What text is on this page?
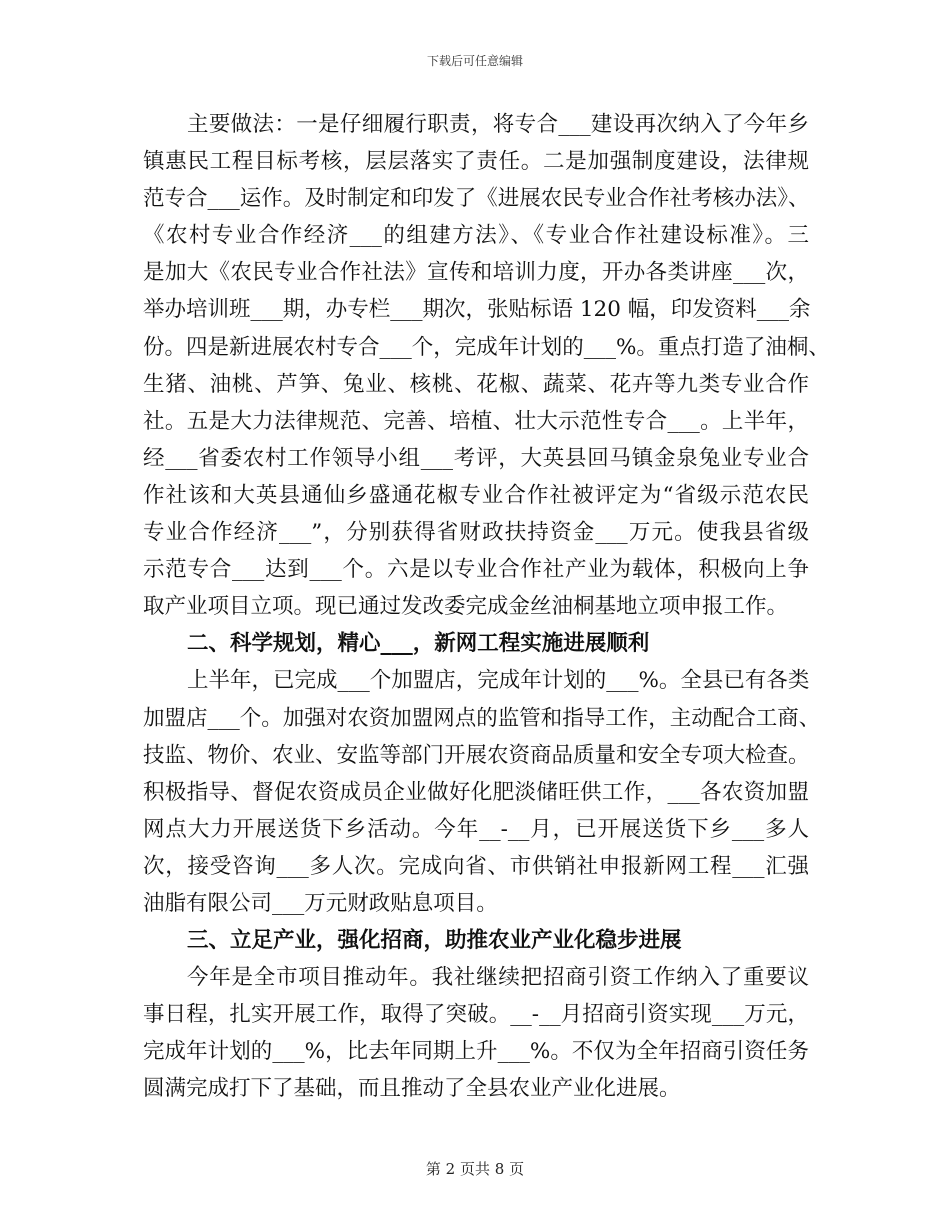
下载后可任意编辑
主要做法：一是仔细履行职责，将专合___建设再次纳入了今年乡
镇惠民工程目标考核，层层落实了责任。二是加强制度建设，法律规
范专合___运作。及时制定和印发了《进展农民专业合作社考核办法》、
《农村专业合作经济___的组建方法》、《专业合作社建设标准》。三
是加大《农民专业合作社法》宣传和培训力度，开办各类讲座___次，
举办培训班___期，办专栏___期次，张贴标语 120 幅，印发资料___余
份。四是新进展农村专合___个，完成年计划的___%。重点打造了油桐、
生猪、油桃、芦笋、兔业、核桃、花椒、蔬菜、花卉等九类专业合作
社。五是大力法律规范、完善、培植、壮大示范性专合___。上半年，
经___省委农村工作领导小组___考评，大英县回马镇金泉兔业专业合
作社该和大英县通仙乡盛通花椒专业合作社被评定为“省级示范农民
专业合作经济___”，分别获得省财政扶持资金___万元。使我县省级
示范专合___达到___个。六是以专业合作社产业为载体，积极向上争
取产业项目立项。现已通过发改委完成金丝油桐基地立项申报工作。
二、科学规划，精心___，新网工程实施进展顺利
上半年，已完成___个加盟店，完成年计划的___%。全县已有各类
加盟店___个。加强对农资加盟网点的监管和指导工作，主动配合工商、
技监、物价、农业、安监等部门开展农资商品质量和安全专项大检查。
积极指导、督促农资成员企业做好化肥淡储旺供工作，___各农资加盟
网点大力开展送货下乡活动。今年__-__月，已开展送货下乡___多人
次，接受咨询___多人次。完成向省、市供销社申报新网工程___汇强
油脂有限公司___万元财政贴息项目。
三、立足产业，强化招商，助推农业产业化稳步进展
今年是全市项目推动年。我社继续把招商引资工作纳入了重要议
事日程，扎实开展工作，取得了突破。__-__月招商引资实现___万元，
完成年计划的___%，比去年同期上升___%。不仅为全年招商引资任务
圆满完成打下了基础，而且推动了全县农业产业化进展。
第 2 页共 8 页
